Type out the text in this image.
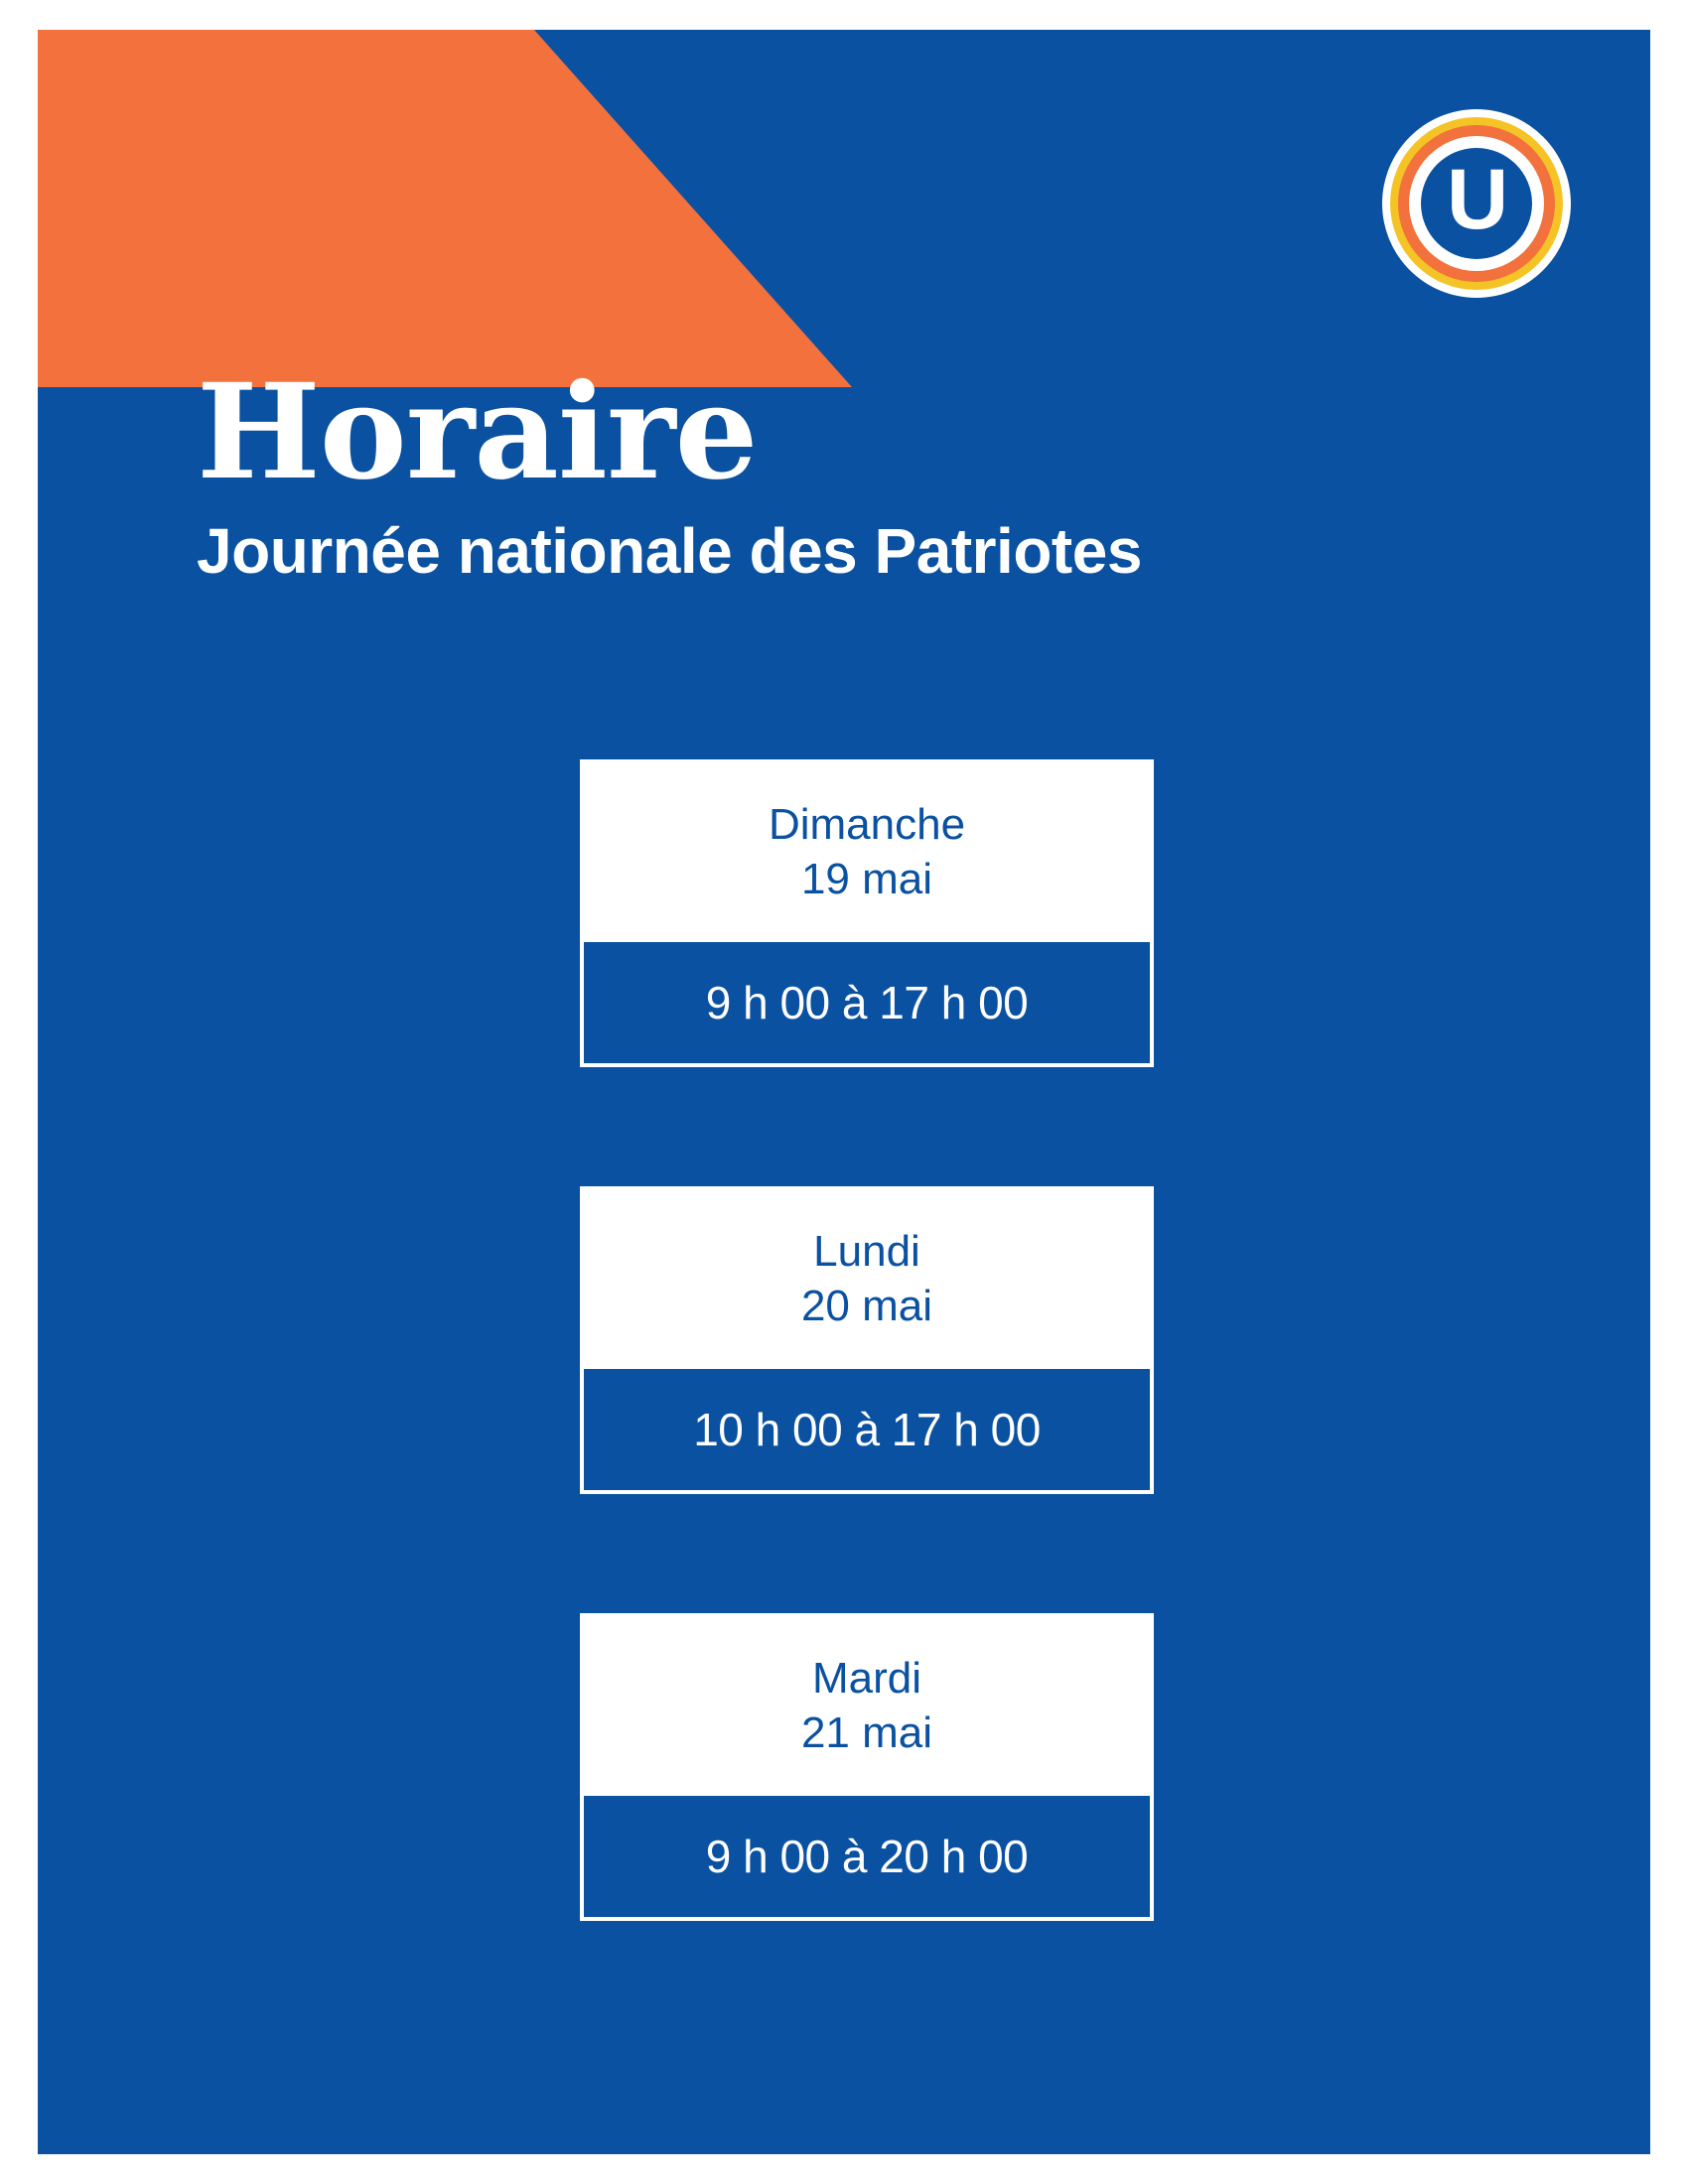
U
Horaire
Journée nationale des Patriotes
Dimanche
19 mai
9 h 00 à 17 h 00
Lundi
20 mai
10 h 00 à 17 h 00
Mardi
21 mai
9 h 00 à 20 h 00
